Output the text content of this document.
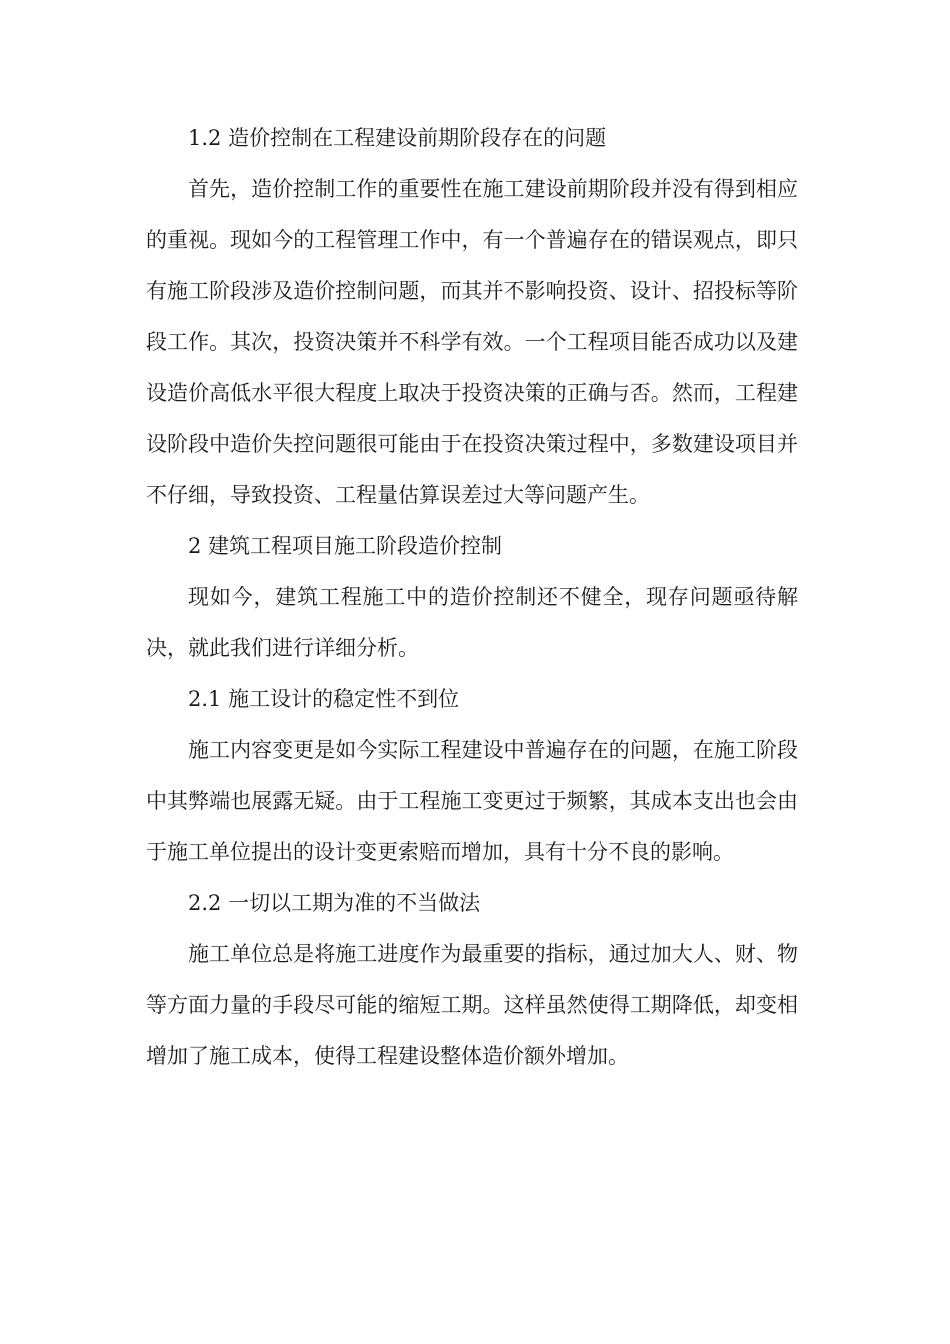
1.2 造价控制在工程建设前期阶段存在的问题

首先，造价控制工作的重要性在施工建设前期阶段并没有得到相应的重视。现如今的工程管理工作中，有一个普遍存在的错误观点，即只有施工阶段涉及造价控制问题，而其并不影响投资、设计、招投标等阶段工作。其次，投资决策并不科学有效。一个工程项目能否成功以及建设造价高低水平很大程度上取决于投资决策的正确与否。然而，工程建设阶段中造价失控问题很可能由于在投资决策过程中，多数建设项目并不仔细，导致投资、工程量估算误差过大等问题产生。

2 建筑工程项目施工阶段造价控制

现如今，建筑工程施工中的造价控制还不健全，现存问题亟待解决，就此我们进行详细分析。

2.1 施工设计的稳定性不到位

施工内容变更是如今实际工程建设中普遍存在的问题，在施工阶段中其弊端也展露无疑。由于工程施工变更过于频繁，其成本支出也会由于施工单位提出的设计变更索赔而增加，具有十分不良的影响。

2.2 一切以工期为准的不当做法

施工单位总是将施工进度作为最重要的指标，通过加大人、财、物等方面力量的手段尽可能的缩短工期。这样虽然使得工期降低，却变相增加了施工成本，使得工程建设整体造价额外增加。
